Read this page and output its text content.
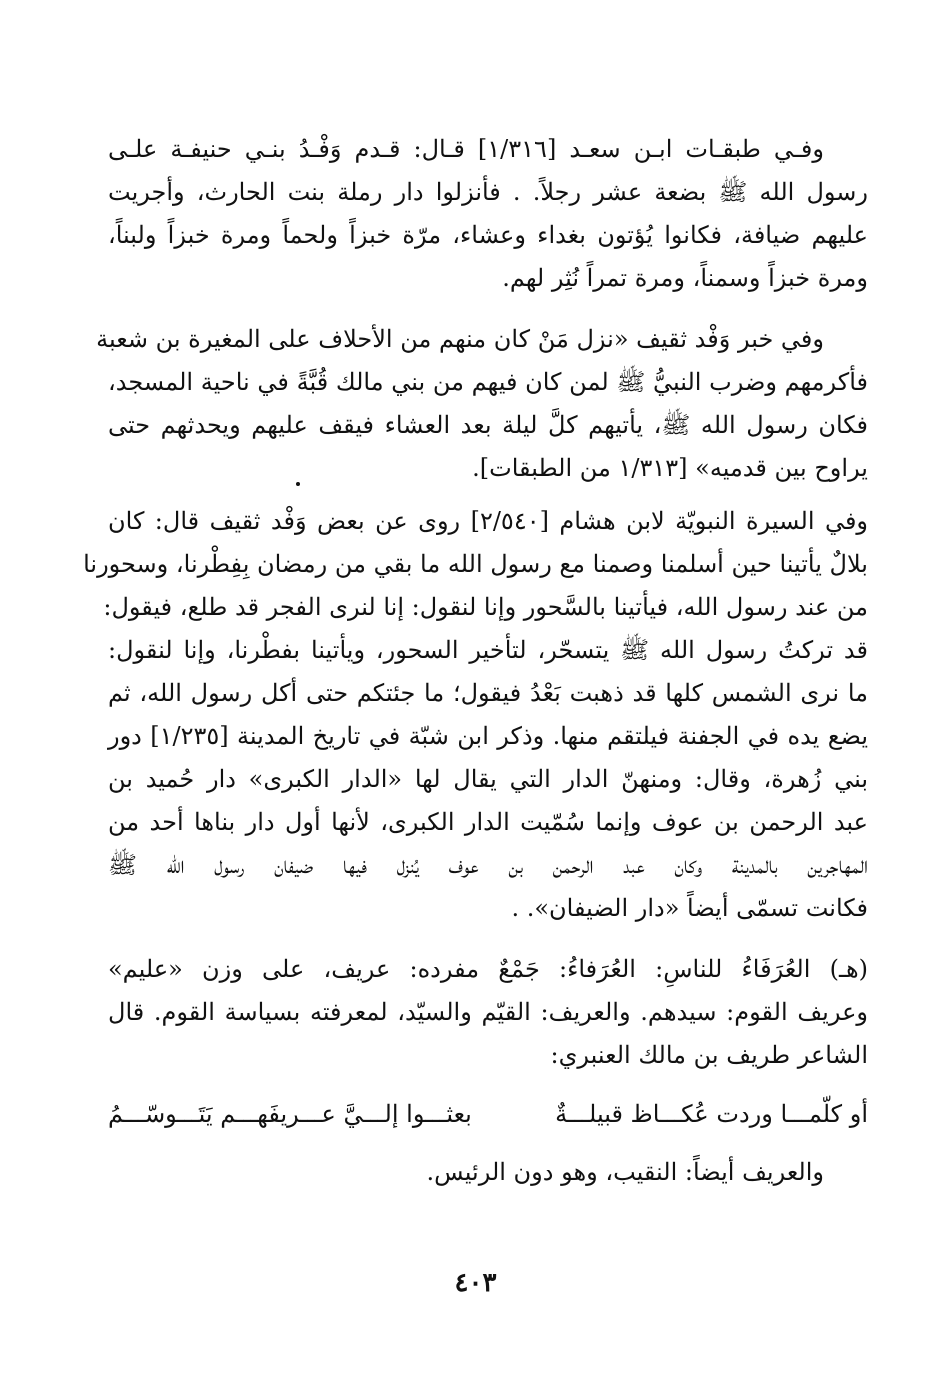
وفـي طبقـات ابـن سعـد [١/٣١٦] قـال: قـدم وَفْـدُ بنـي حنيفـة علـى
رسول الله ﷺ بضعة عشر رجلاً. . فأنزلوا دار رملة بنت الحارث، وأجريت
عليهم ضيافة، فكانوا يُؤتون بغداء وعشاء، مرّة خبزاً ولحماً ومرة خبزاً ولبناً،
ومرة خبزاً وسمناً، ومرة تمراً نُثِر لهم.

وفي خبر وَفْد ثقيف «نزل مَنْ كان منهم من الأحلاف على المغيرة بن شعبة
فأكرمهم وضرب النبيُّ ﷺ لمن كان فيهم من بني مالك قُبَّةً في ناحية المسجد،
فكان رسول الله ﷺ، يأتيهم كلَّ ليلة بعد العشاء فيقف عليهم ويحدثهم حتى
يراوح بين قدميه» [١/٣١٣ من الطبقات].

وفي السيرة النبويّة لابن هشام [٢/٥٤٠] روى عن بعض وَفْد ثقيف قال: كان
بلالٌ يأتينا حين أسلمنا وصمنا مع رسول الله ما بقي من رمضان بِفِطْرنا، وسحورنا
من عند رسول الله، فيأتينا بالسَّحور وإنا لنقول: إنا لنرى الفجر قد طلع، فيقول:
قد تركتُ رسول الله ﷺ يتسحّر، لتأخير السحور، ويأتينا بفطْرنا، وإنا لنقول:
ما نرى الشمس كلها قد ذهبت بَعْدُ فيقول؛ ما جئتكم حتى أكل رسول الله، ثم
يضع يده في الجفنة فيلتقم منها. وذكر ابن شبّة في تاريخ المدينة [١/٢٣٥] دور
بني زُهرة، وقال: ومنهنّ الدار التي يقال لها «الدار الكبرى» دار حُميد بن
عبد الرحمن بن عوف وإنما سُمّيت الدار الكبرى، لأنها أول دار بناها أحد من
المهاجرين بالمدينة وكان عبد الرحمن بن عوف يُنزل فيها ضيفان رسول الله ﷺ
فكانت تسمّى أيضاً «دار الضيفان». .

(هـ) العُرَفَاءُ للناسِ: العُرَفاءُ: جَمْعٌ مفرده: عريف، على وزن «عليم»
وعريف القوم: سيدهم. والعريف: القيّم والسيّد، لمعرفته بسياسة القوم. قال
الشاعر طريف بن مالك العنبري:

أو كلّمـــا وردت عُكـــاظ قبيلـــةٌ
بعثـــوا إلـــيَّ عـــريفَهـــم يَتَـــوسّـــمُ

والعريف أيضاً: النقيب، وهو دون الرئيس.

٤٠٣
